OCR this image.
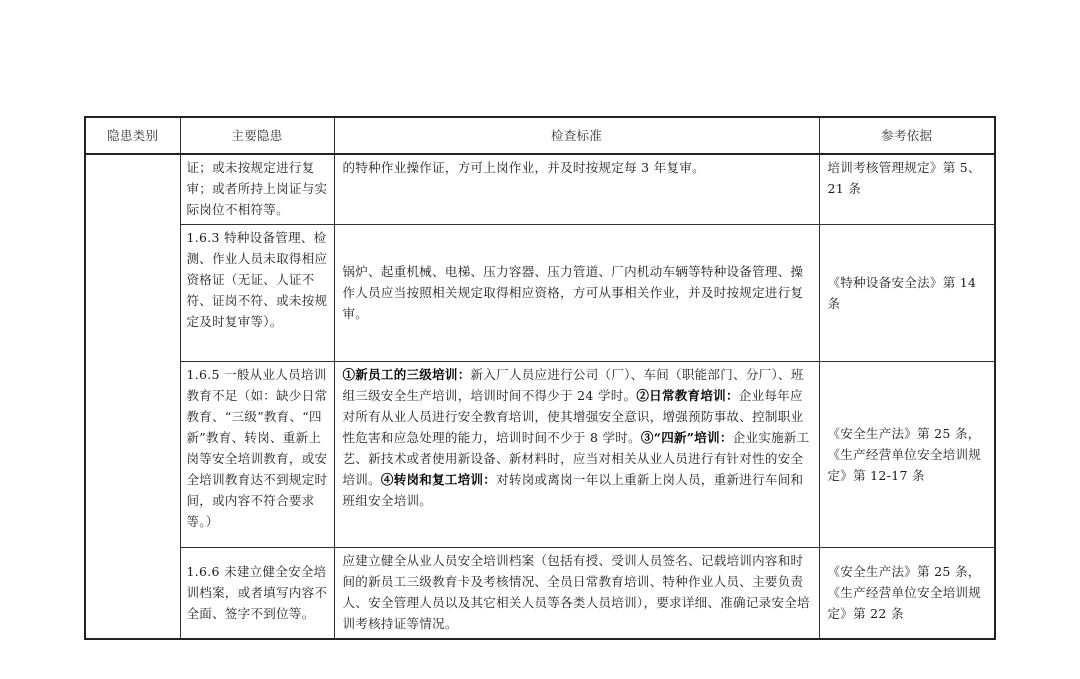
隐患类别	主要隐患	检查标准	参考依据
	证；或未按规定进行复审；或者所持上岗证与实际岗位不相符等。	的特种作业操作证，方可上岗作业，并及时按规定每 3 年复审。	培训考核管理规定》第 5、21 条
	1.6.3 特种设备管理、检测、作业人员未取得相应资格证（无证、人证不符、证岗不符、或未按规定及时复审等）。	锅炉、起重机械、电梯、压力容器、压力管道、厂内机动车辆等特种设备管理、操作人员应当按照相关规定取得相应资格，方可从事相关作业，并及时按规定进行复审。	《特种设备安全法》第 14 条
	1.6.5 一般从业人员培训教育不足（如：缺少日常教育、“三级”教育、“四新”教育、转岗、重新上岗等安全培训教育，或安全培训教育达不到规定时间，或内容不符合要求等。）	①新员工的三级培训：新入厂人员应进行公司（厂）、车间（职能部门、分厂）、班组三级安全生产培训，培训时间不得少于 24 学时。②日常教育培训：企业每年应对所有从业人员进行安全教育培训，使其增强安全意识，增强预防事故、控制职业性危害和应急处理的能力，培训时间不少于 8 学时。③“四新”培训：企业实施新工艺、新技术或者使用新设备、新材料时，应当对相关从业人员进行有针对性的安全培训。④转岗和复工培训：对转岗或离岗一年以上重新上岗人员，重新进行车间和班组安全培训。	《安全生产法》第 25 条，《生产经营单位安全培训规定》第 12-17 条
	1.6.6 未建立健全安全培训档案，或者填写内容不全面、签字不到位等。	应建立健全从业人员安全培训档案（包括有授、受训人员签名、记载培训内容和时间的新员工三级教育卡及考核情况、全员日常教育培训、特种作业人员、主要负责人、安全管理人员以及其它相关人员等各类人员培训），要求详细、准确记录安全培训考核持证等情况。	《安全生产法》第 25 条，《生产经营单位安全培训规定》第 22 条
